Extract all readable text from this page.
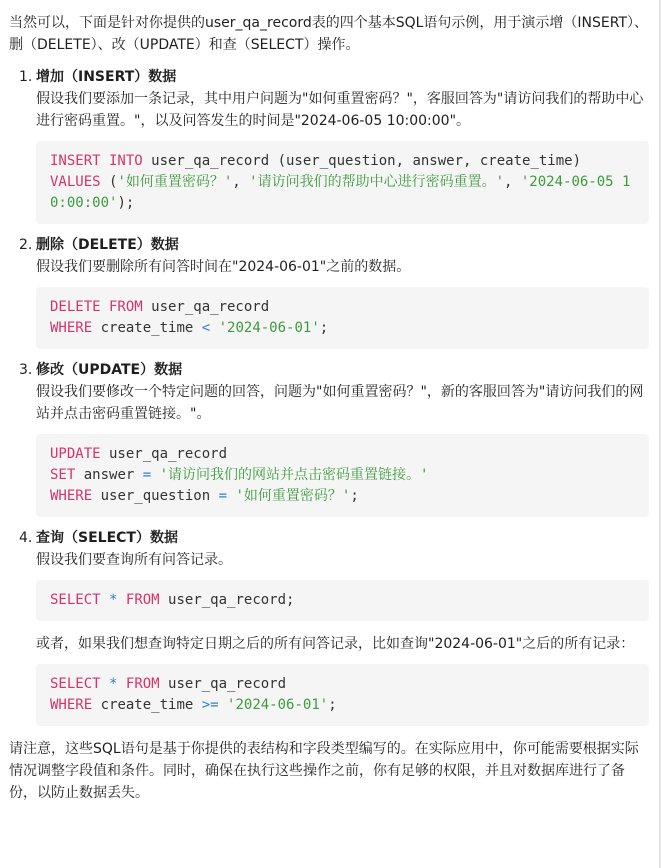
当然可以，下面是针对你提供的user_qa_record表的四个基本SQL语句示例，用于演示增（INSERT）、删（DELETE）、改（UPDATE）和查（SELECT）操作。

1. 增加（INSERT）数据
假设我们要添加一条记录，其中用户问题为"如何重置密码？"，客服回答为"请访问我们的帮助中心进行密码重置。"，以及问答发生的时间是"2024-06-05 10:00:00"。
INSERT INTO user_qa_record (user_question, answer, create_time)
VALUES ('如何重置密码？', '请访问我们的帮助中心进行密码重置。', '2024-06-05 10:00:00');
2. 删除（DELETE）数据
假设我们要删除所有问答时间在"2024-06-01"之前的数据。
DELETE FROM user_qa_record
WHERE create_time < '2024-06-01';
3. 修改（UPDATE）数据
假设我们要修改一个特定问题的回答，问题为"如何重置密码？"，新的客服回答为"请访问我们的网站并点击密码重置链接。"。
UPDATE user_qa_record
SET answer = '请访问我们的网站并点击密码重置链接。'
WHERE user_question = '如何重置密码？';
4. 查询（SELECT）数据
假设我们要查询所有问答记录。
SELECT * FROM user_qa_record;
或者，如果我们想查询特定日期之后的所有问答记录，比如查询"2024-06-01"之后的所有记录：
SELECT * FROM user_qa_record
WHERE create_time >= '2024-06-01';

请注意，这些SQL语句是基于你提供的表结构和字段类型编写的。在实际应用中，你可能需要根据实际情况调整字段值和条件。同时，确保在执行这些操作之前，你有足够的权限，并且对数据库进行了备份，以防止数据丢失。
